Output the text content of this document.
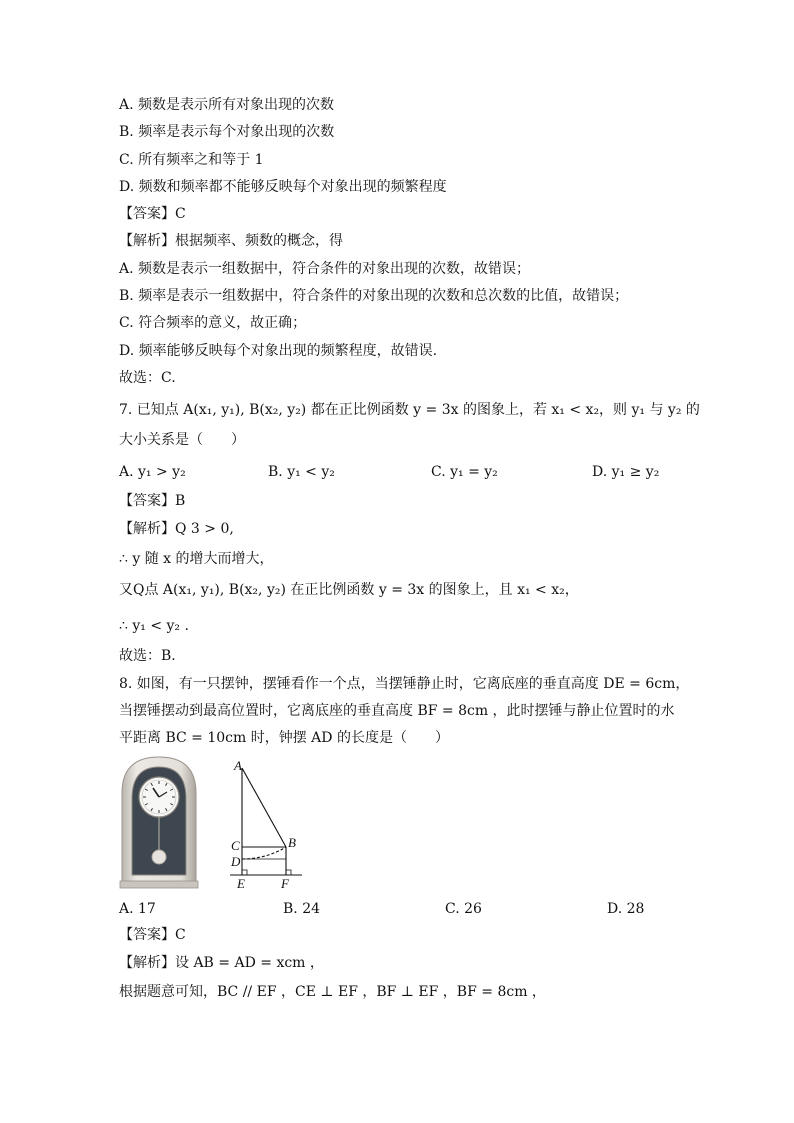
A. 频数是表示所有对象出现的次数
B. 频率是表示每个对象出现的次数
C. 所有频率之和等于 1
D. 频数和频率都不能够反映每个对象出现的频繁程度
【答案】C
【解析】根据频率、频数的概念，得
A. 频数是表示一组数据中，符合条件的对象出现的次数，故错误；
B. 频率是表示一组数据中，符合条件的对象出现的次数和总次数的比值，故错误；
C. 符合频率的意义，故正确；
D. 频率能够反映每个对象出现的频繁程度，故错误.
故选：C.
7. 已知点 A(x₁, y₁), B(x₂, y₂) 都在正比例函数 y = 3x 的图象上，若 x₁ < x₂，则 y₁ 与 y₂ 的
大小关系是（　　）
A. y₁ > y₂	B. y₁ < y₂	C. y₁ = y₂	D. y₁ ≥ y₂
【答案】B
【解析】Q 3 > 0,
∴ y 随 x 的增大而增大，
又Q点 A(x₁, y₁), B(x₂, y₂) 在正比例函数 y = 3x 的图象上，且 x₁ < x₂，
∴ y₁ < y₂ .
故选：B.
8. 如图，有一只摆钟，摆锤看作一个点，当摆锤静止时，它离底座的垂直高度 DE = 6cm，
当摆锤摆动到最高位置时，它离底座的垂直高度 BF = 8cm ，此时摆锤与静止位置时的水
平距离 BC = 10cm 时，钟摆 AD 的长度是（　　）
A
B
C
D
E	F
A. 17	B. 24	C. 26	D. 28
【答案】C
【解析】设 AB = AD = xcm ，
根据题意可知，BC // EF ，CE ⊥ EF ，BF ⊥ EF ，BF = 8cm ，
